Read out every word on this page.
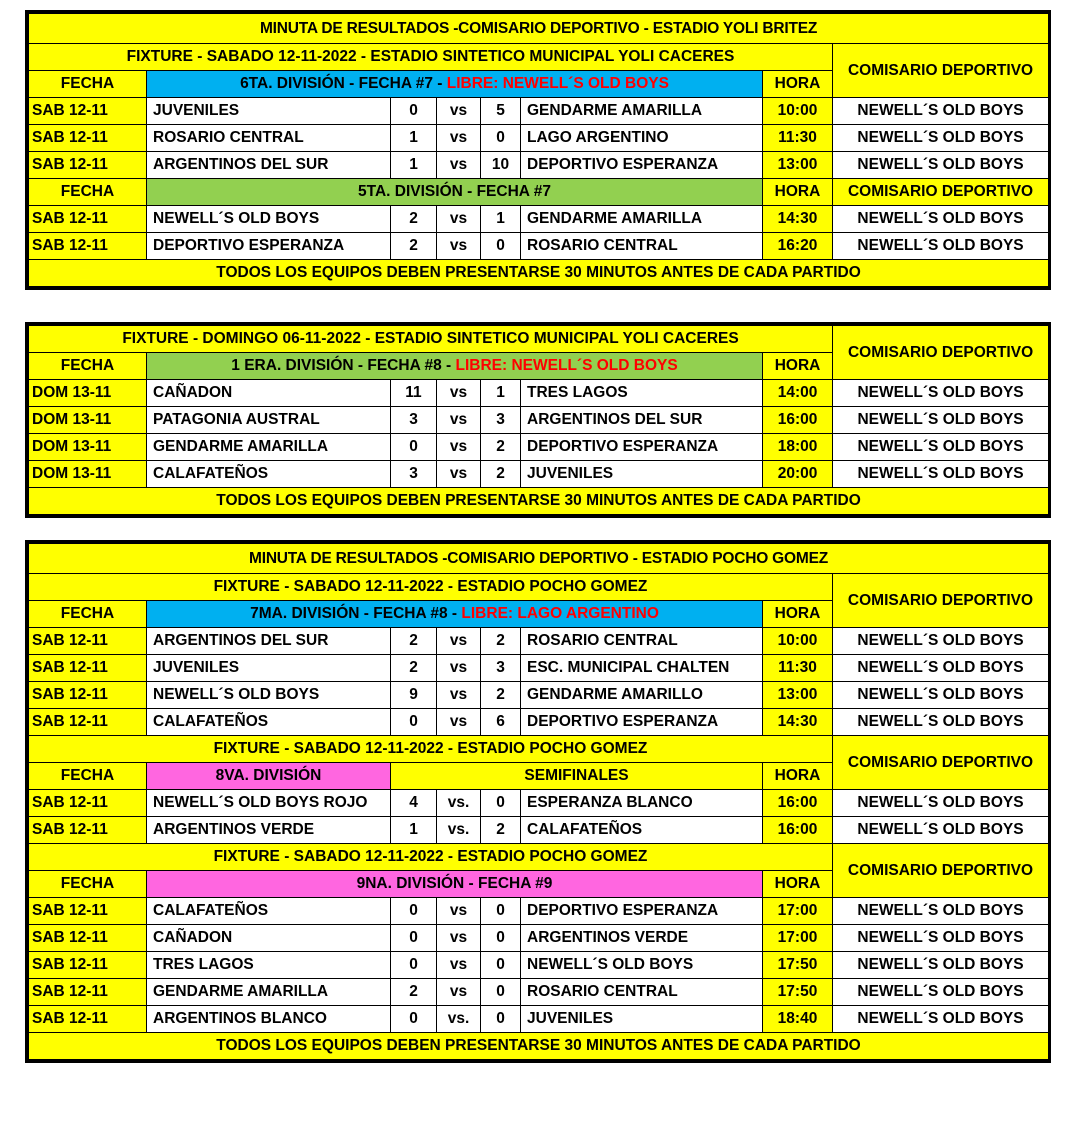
MINUTA DE RESULTADOS -COMISARIO DEPORTIVO - ESTADIO YOLI BRITEZ							
FIXTURE - SABADO 12-11-2022 - ESTADIO SINTETICO MUNICIPAL YOLI CACERES							COMISARIO DEPORTIVO
FECHA	6TA. DIVISIÓN - FECHA #7 - LIBRE: NEWELL´S OLD BOYS					HORA	
SAB 12-11	JUVENILES	0	vs	5	GENDARME AMARILLA	10:00	NEWELL´S OLD BOYS
SAB 12-11	ROSARIO CENTRAL	1	vs	0	LAGO ARGENTINO	11:30	NEWELL´S OLD BOYS
SAB 12-11	ARGENTINOS DEL SUR	1	vs	10	DEPORTIVO ESPERANZA	13:00	NEWELL´S OLD BOYS
FECHA	5TA. DIVISIÓN - FECHA #7					HORA	COMISARIO DEPORTIVO
SAB 12-11	NEWELL´S OLD BOYS	2	vs	1	GENDARME AMARILLA	14:30	NEWELL´S OLD BOYS
SAB 12-11	DEPORTIVO ESPERANZA	2	vs	0	ROSARIO CENTRAL	16:20	NEWELL´S OLD BOYS
TODOS LOS EQUIPOS DEBEN PRESENTARSE 30 MINUTOS ANTES DE CADA PARTIDO							
FIXTURE - DOMINGO 06-11-2022 - ESTADIO SINTETICO MUNICIPAL YOLI CACERES							COMISARIO DEPORTIVO
FECHA	1 ERA. DIVISIÓN - FECHA #8 - LIBRE: NEWELL´S OLD BOYS					HORA	
DOM 13-11	CAÑADON	11	vs	1	TRES LAGOS	14:00	NEWELL´S OLD BOYS
DOM 13-11	PATAGONIA AUSTRAL	3	vs	3	ARGENTINOS DEL SUR	16:00	NEWELL´S OLD BOYS
DOM 13-11	GENDARME AMARILLA	0	vs	2	DEPORTIVO ESPERANZA	18:00	NEWELL´S OLD BOYS
DOM 13-11	CALAFATEÑOS	3	vs	2	JUVENILES	20:00	NEWELL´S OLD BOYS
TODOS LOS EQUIPOS DEBEN PRESENTARSE 30 MINUTOS ANTES DE CADA PARTIDO							
MINUTA DE RESULTADOS -COMISARIO DEPORTIVO - ESTADIO POCHO GOMEZ							
FIXTURE - SABADO 12-11-2022 - ESTADIO POCHO GOMEZ							COMISARIO DEPORTIVO
FECHA	7MA. DIVISIÓN - FECHA #8 - LIBRE: LAGO ARGENTINO					HORA	
SAB 12-11	ARGENTINOS DEL SUR	2	vs	2	ROSARIO CENTRAL	10:00	NEWELL´S OLD BOYS
SAB 12-11	JUVENILES	2	vs	3	ESC. MUNICIPAL CHALTEN	11:30	NEWELL´S OLD BOYS
SAB 12-11	NEWELL´S OLD BOYS	9	vs	2	GENDARME AMARILLO	13:00	NEWELL´S OLD BOYS
SAB 12-11	CALAFATEÑOS	0	vs	6	DEPORTIVO ESPERANZA	14:30	NEWELL´S OLD BOYS
FIXTURE - SABADO 12-11-2022 - ESTADIO POCHO GOMEZ							COMISARIO DEPORTIVO
FECHA	8VA. DIVISIÓN	SEMIFINALES				HORA	
SAB 12-11	NEWELL´S OLD BOYS ROJO	4	vs.	0	ESPERANZA BLANCO	16:00	NEWELL´S OLD BOYS
SAB 12-11	ARGENTINOS VERDE	1	vs.	2	CALAFATEÑOS	16:00	NEWELL´S OLD BOYS
FIXTURE - SABADO 12-11-2022 - ESTADIO POCHO GOMEZ							COMISARIO DEPORTIVO
FECHA	9NA. DIVISIÓN - FECHA #9					HORA	
SAB 12-11	CALAFATEÑOS	0	vs	0	DEPORTIVO ESPERANZA	17:00	NEWELL´S OLD BOYS
SAB 12-11	CAÑADON	0	vs	0	ARGENTINOS VERDE	17:00	NEWELL´S OLD BOYS
SAB 12-11	TRES LAGOS	0	vs	0	NEWELL´S OLD BOYS	17:50	NEWELL´S OLD BOYS
SAB 12-11	GENDARME AMARILLA	2	vs	0	ROSARIO CENTRAL	17:50	NEWELL´S OLD BOYS
SAB 12-11	ARGENTINOS BLANCO	0	vs.	0	JUVENILES	18:40	NEWELL´S OLD BOYS
TODOS LOS EQUIPOS DEBEN PRESENTARSE 30 MINUTOS ANTES DE CADA PARTIDO							
